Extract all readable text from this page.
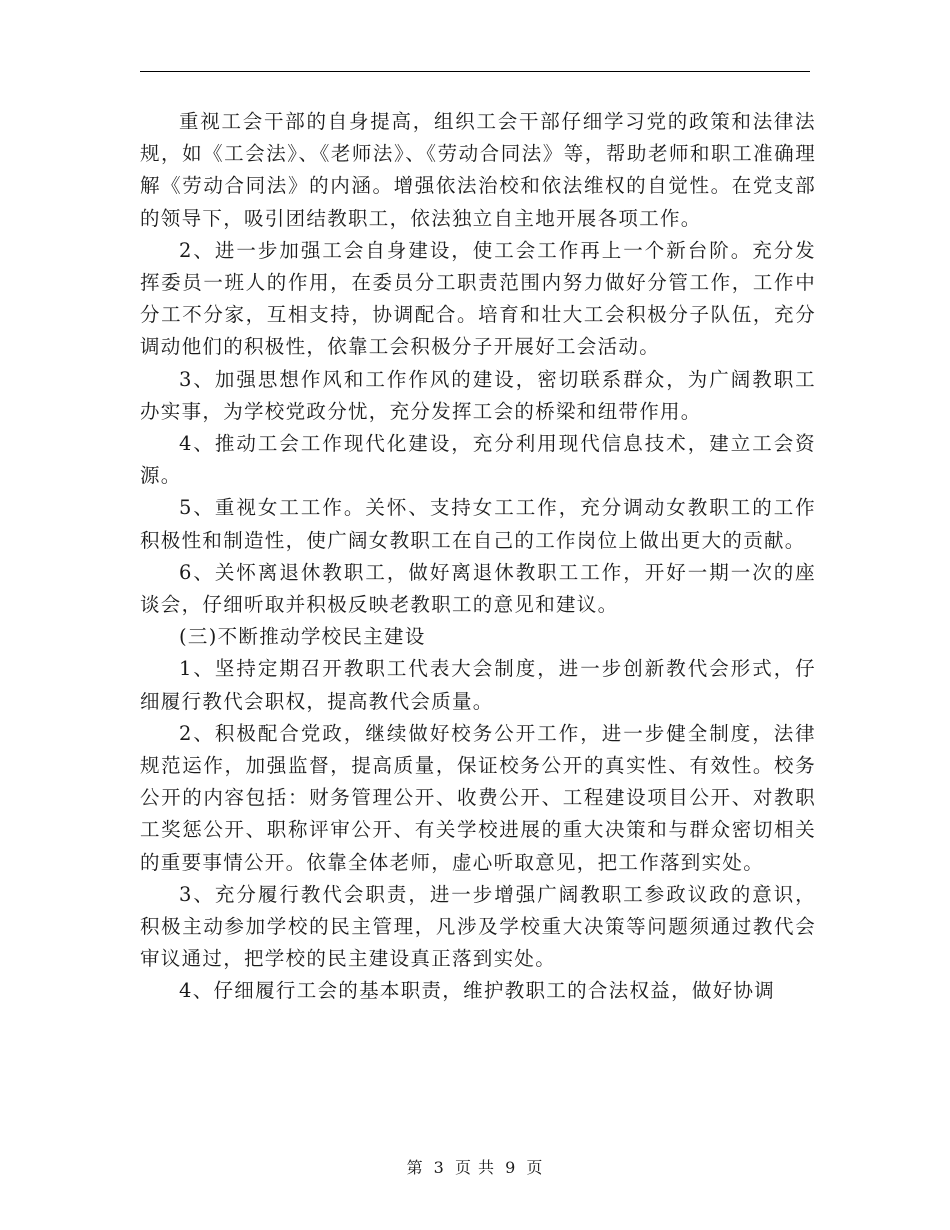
重视工会干部的自身提高，组织工会干部仔细学习党的政策和法律法规，如《工会法》、《老师法》、《劳动合同法》等，帮助老师和职工准确理解《劳动合同法》的内涵。增强依法治校和依法维权的自觉性。在党支部的领导下，吸引团结教职工，依法独立自主地开展各项工作。

2、进一步加强工会自身建设，使工会工作再上一个新台阶。充分发挥委员一班人的作用，在委员分工职责范围内努力做好分管工作，工作中分工不分家，互相支持，协调配合。培育和壮大工会积极分子队伍，充分调动他们的积极性，依靠工会积极分子开展好工会活动。

3、加强思想作风和工作作风的建设，密切联系群众，为广阔教职工办实事，为学校党政分忧，充分发挥工会的桥梁和纽带作用。

4、推动工会工作现代化建设，充分利用现代信息技术，建立工会资源。

5、重视女工工作。关怀、支持女工工作，充分调动女教职工的工作积极性和制造性，使广阔女教职工在自己的工作岗位上做出更大的贡献。

6、关怀离退休教职工，做好离退休教职工工作，开好一期一次的座谈会，仔细听取并积极反映老教职工的意见和建议。

(三)不断推动学校民主建设

1、坚持定期召开教职工代表大会制度，进一步创新教代会形式，仔细履行教代会职权，提高教代会质量。

2、积极配合党政，继续做好校务公开工作，进一步健全制度，法律规范运作，加强监督，提高质量，保证校务公开的真实性、有效性。校务公开的内容包括：财务管理公开、收费公开、工程建设项目公开、对教职工奖惩公开、职称评审公开、有关学校进展的重大决策和与群众密切相关的重要事情公开。依靠全体老师，虚心听取意见，把工作落到实处。

3、充分履行教代会职责，进一步增强广阔教职工参政议政的意识，积极主动参加学校的民主管理，凡涉及学校重大决策等问题须通过教代会审议通过，把学校的民主建设真正落到实处。

4、仔细履行工会的基本职责，维护教职工的合法权益，做好协调

第 3 页 共 9 页
